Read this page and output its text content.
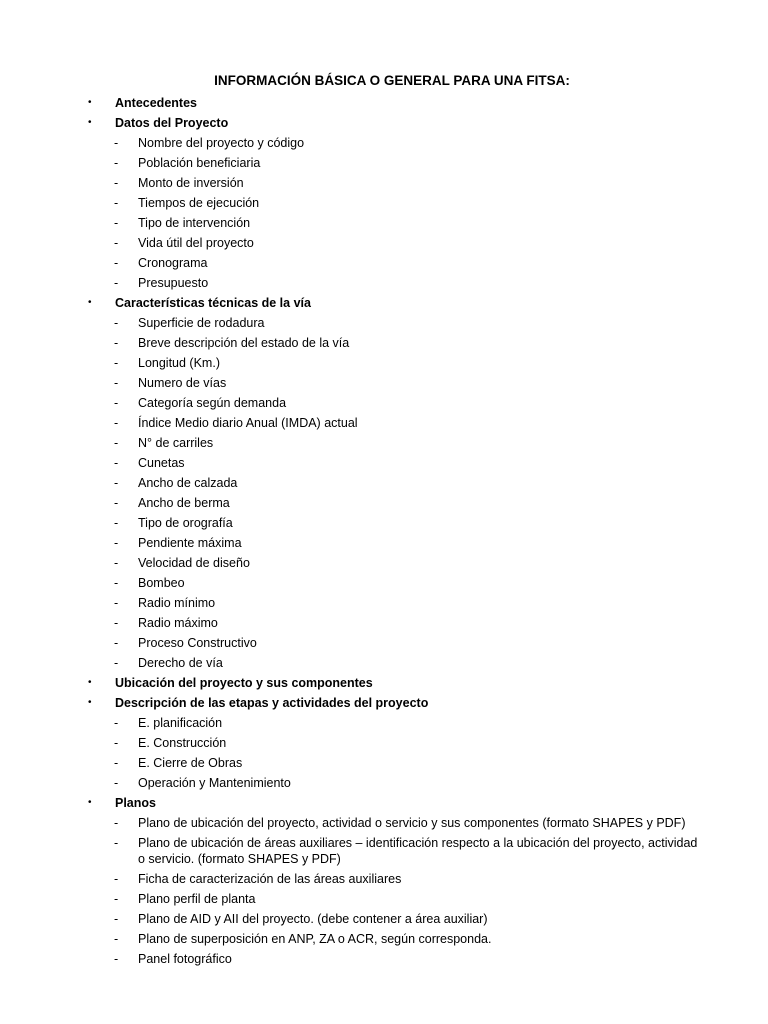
INFORMACIÓN BÁSICA O GENERAL PARA UNA FITSA:
• Antecedentes
• Datos del Proyecto
- Nombre del proyecto y código
- Población beneficiaria
- Monto de inversión
- Tiempos de ejecución
- Tipo de intervención
- Vida útil del proyecto
- Cronograma
- Presupuesto
• Características técnicas de la vía
- Superficie de rodadura
- Breve descripción del estado de la vía
- Longitud (Km.)
- Numero de vías
- Categoría según demanda
- Índice Medio diario Anual (IMDA) actual
- N° de carriles
- Cunetas
- Ancho de calzada
- Ancho de berma
- Tipo de orografía
- Pendiente máxima
- Velocidad de diseño
- Bombeo
- Radio mínimo
- Radio máximo
- Proceso Constructivo
- Derecho de vía
• Ubicación del proyecto y sus componentes
• Descripción de las etapas y actividades del proyecto
- E. planificación
- E. Construcción
- E. Cierre de Obras
- Operación y Mantenimiento
• Planos
- Plano de ubicación del proyecto, actividad o servicio y sus componentes (formato SHAPES y PDF)
- Plano de ubicación de áreas auxiliares – identificación respecto a la ubicación del proyecto, actividad o servicio. (formato SHAPES y PDF)
- Ficha de caracterización de las áreas auxiliares
- Plano perfil de planta
- Plano de AID y AII del proyecto. (debe contener a área auxiliar)
- Plano de superposición en ANP, ZA o ACR, según corresponda.
- Panel fotográfico
